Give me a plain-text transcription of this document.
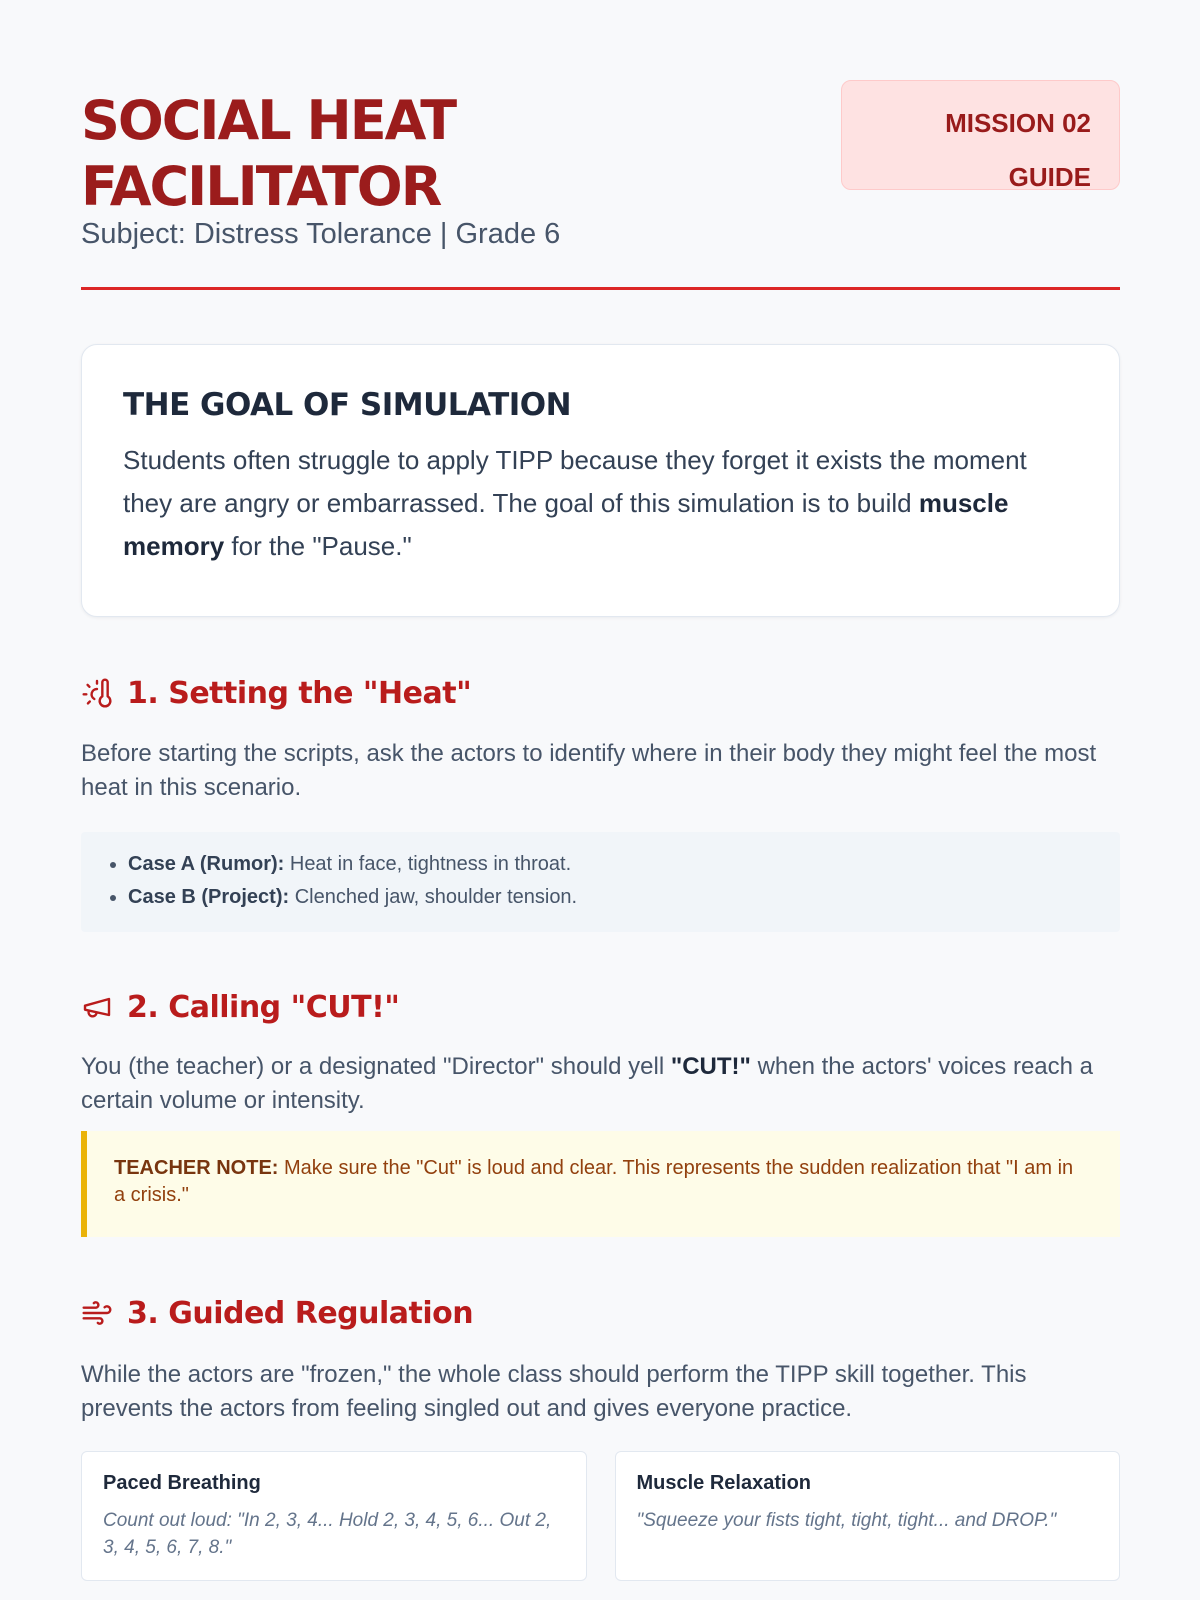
SOCIAL HEAT
FACILITATOR
Subject: Distress Tolerance | Grade 6
MISSION 02
GUIDE
THE GOAL OF SIMULATION

Students often struggle to apply TIPP because they forget it exists the moment they are angry or embarrassed. The goal of this simulation is to build muscle memory for the "Pause."

1. Setting the "Heat"

Before starting the scripts, ask the actors to identify where in their body they might feel the most heat in this scenario.

• Case A (Rumor): Heat in face, tightness in throat.
• Case B (Project): Clenched jaw, shoulder tension.
2. Calling "CUT!"

You (the teacher) or a designated "Director" should yell "CUT!" when the actors' voices reach a certain volume or intensity.

TEACHER NOTE: Make sure the "Cut" is loud and clear. This represents the sudden realization that "I am in a crisis."
3. Guided Regulation

While the actors are "frozen," the whole class should perform the TIPP skill together. This prevents the actors from feeling singled out and gives everyone practice.

Paced Breathing
Count out loud: "In 2, 3, 4... Hold 2, 3, 4, 5, 6... Out 2, 3, 4, 5, 6, 7, 8."
Muscle Relaxation
"Squeeze your fists tight, tight, tight... and DROP."
